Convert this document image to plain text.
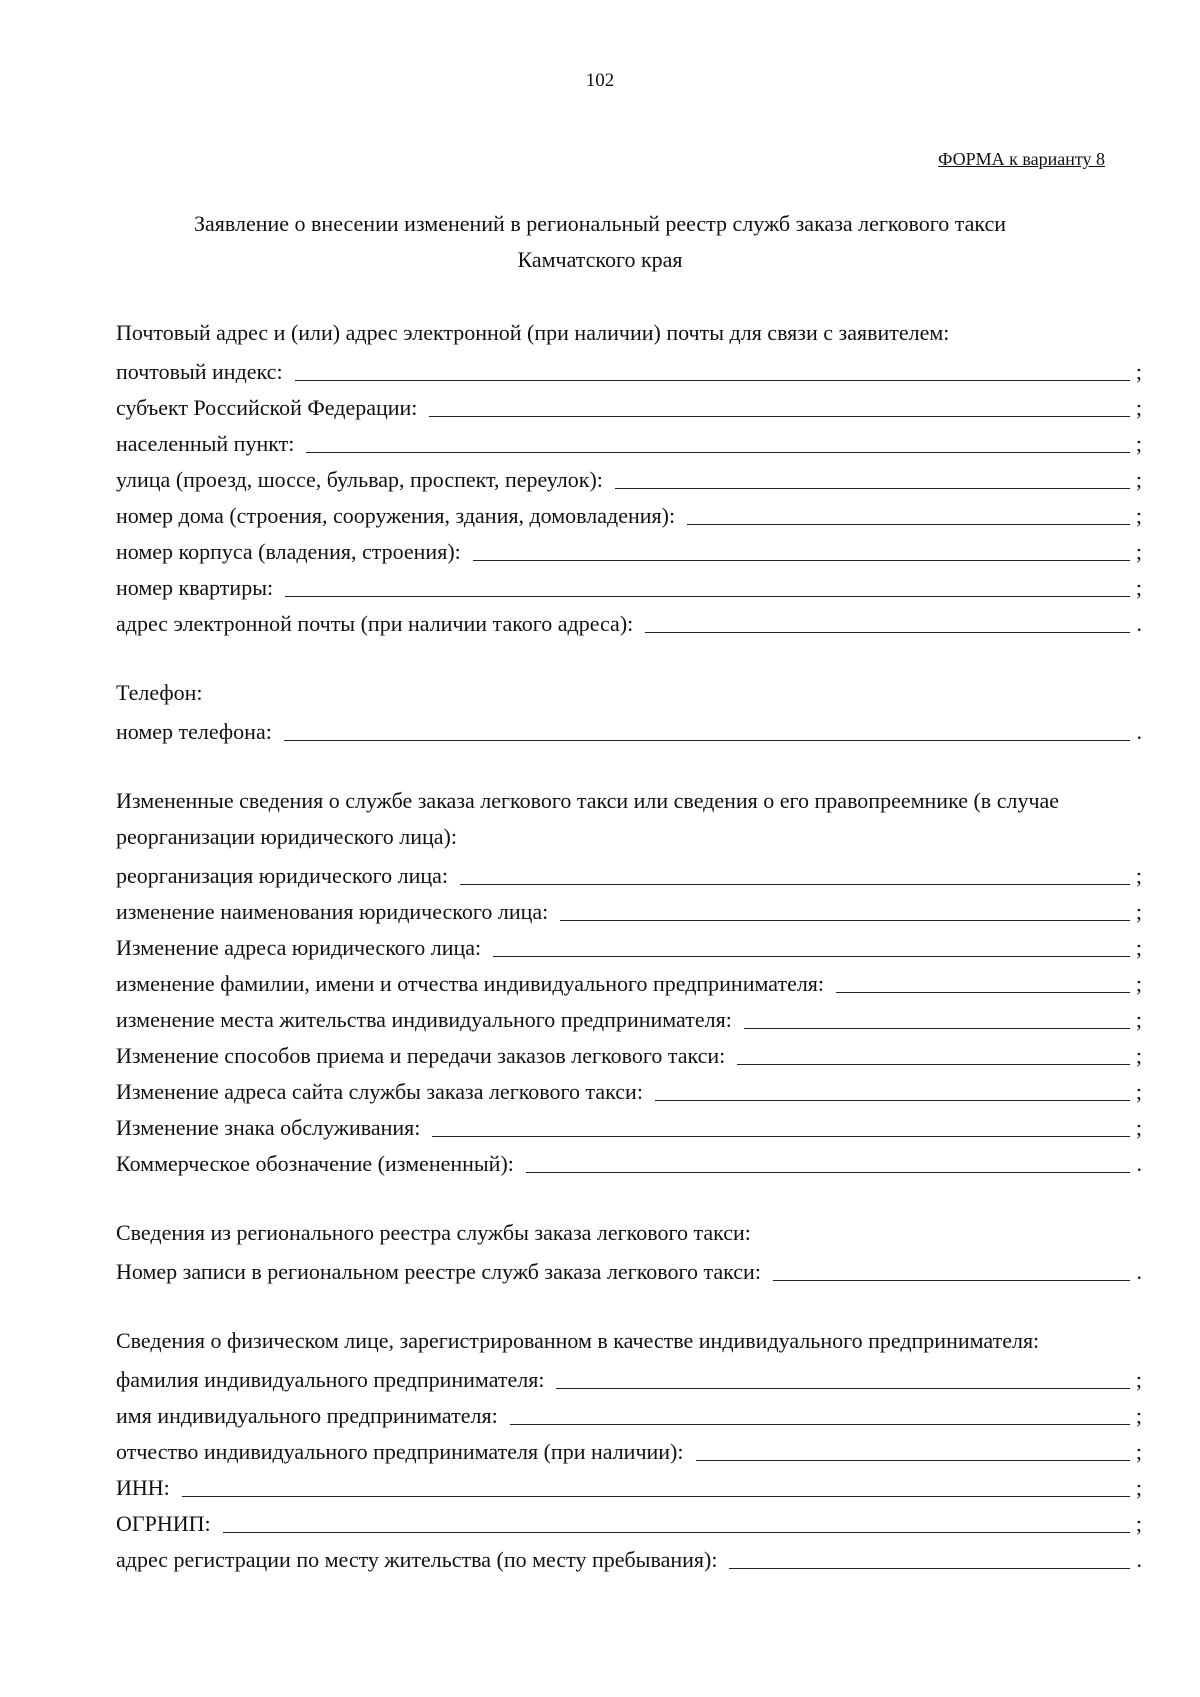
102
ФОРМА к варианту 8
Заявление о внесении изменений в региональный реестр служб заказа легкового такси
Камчатского края
Почтовый адрес и (или) адрес электронной (при наличии) почты для связи с заявителем:
почтовый индекс:	;
субъект Российской Федерации:	;
населенный пункт:	;
улица (проезд, шоссе, бульвар, проспект, переулок):	;
номер дома (строения, сооружения, здания, домовладения):	;
номер корпуса (владения, строения):	;
номер квартиры:	;
адрес электронной почты (при наличии такого адреса):	.
Телефон:
номер телефона:	.
Измененные сведения о службе заказа легкового такси или сведения о его правопреемнике (в случае реорганизации юридического лица):
реорганизация юридического лица:	;
изменение наименования юридического лица:	;
Изменение адреса юридического лица:	;
изменение фамилии, имени и отчества индивидуального предпринимателя:	;
изменение места жительства индивидуального предпринимателя:	;
Изменение способов приема и передачи заказов легкового такси:	;
Изменение адреса сайта службы заказа легкового такси:	;
Изменение знака обслуживания:	;
Коммерческое обозначение (измененный):	.
Сведения из регионального реестра службы заказа легкового такси:
Номер записи в региональном реестре служб заказа легкового такси:	.
Сведения о физическом лице, зарегистрированном в качестве индивидуального предпринимателя:
фамилия индивидуального предпринимателя:	;
имя индивидуального предпринимателя:	;
отчество индивидуального предпринимателя (при наличии):	;
ИНН:	;
ОГРНИП:	;
адрес регистрации по месту жительства (по месту пребывания):	.
